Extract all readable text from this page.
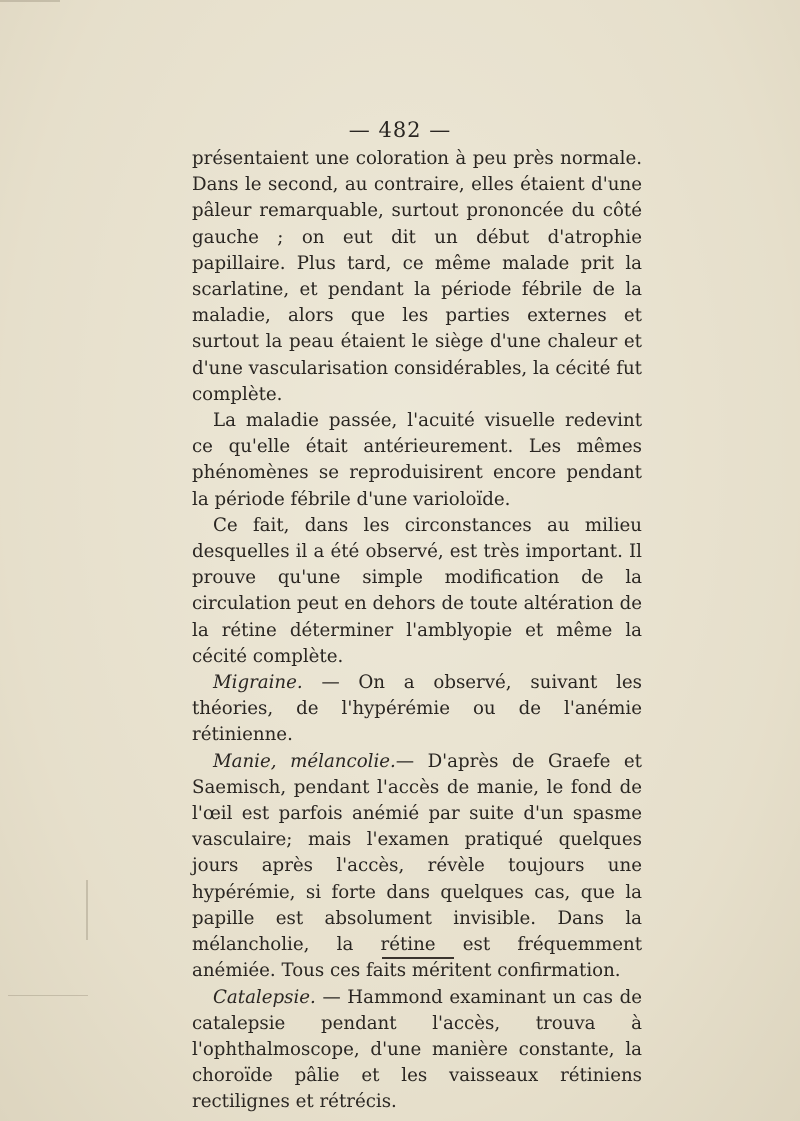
— 482 —

présentaient une coloration à peu près normale. Dans le second, au contraire, elles étaient d'une pâleur remarquable, surtout prononcée du côté gauche ; on eut dit un début d'atrophie papillaire. Plus tard, ce même malade prit la scarlatine, et pendant la période fébrile de la maladie, alors que les parties externes et surtout la peau étaient le siège d'une chaleur et d'une vascularisation considérables, la cécité fut complète.

La maladie passée, l'acuité visuelle redevint ce qu'elle était antérieurement. Les mêmes phénomènes se reproduisirent encore pendant la période fébrile d'une varioloïde.

Ce fait, dans les circonstances au milieu desquelles il a été observé, est très important. Il prouve qu'une simple modification de la circulation peut en dehors de toute altération de la rétine déterminer l'amblyopie et même la cécité complète.

Migraine. — On a observé, suivant les théories, de l'hypérémie ou de l'anémie rétinienne.

Manie, mélancolie.— D'après de Graefe et Saemisch, pendant l'accès de manie, le fond de l'œil est parfois anémié par suite d'un spasme vasculaire; mais l'examen pratiqué quelques jours après l'accès, révèle toujours une hypérémie, si forte dans quelques cas, que la papille est absolument invisible. Dans la mélancholie, la rétine est fréquemment anémiée. Tous ces faits méritent confirmation.

Catalepsie. — Hammond examinant un cas de catalepsie pendant l'accès, trouva à l'ophthalmoscope, d'une manière constante, la choroïde pâlie et les vaisseaux rétiniens rectilignes et rétrécis.
